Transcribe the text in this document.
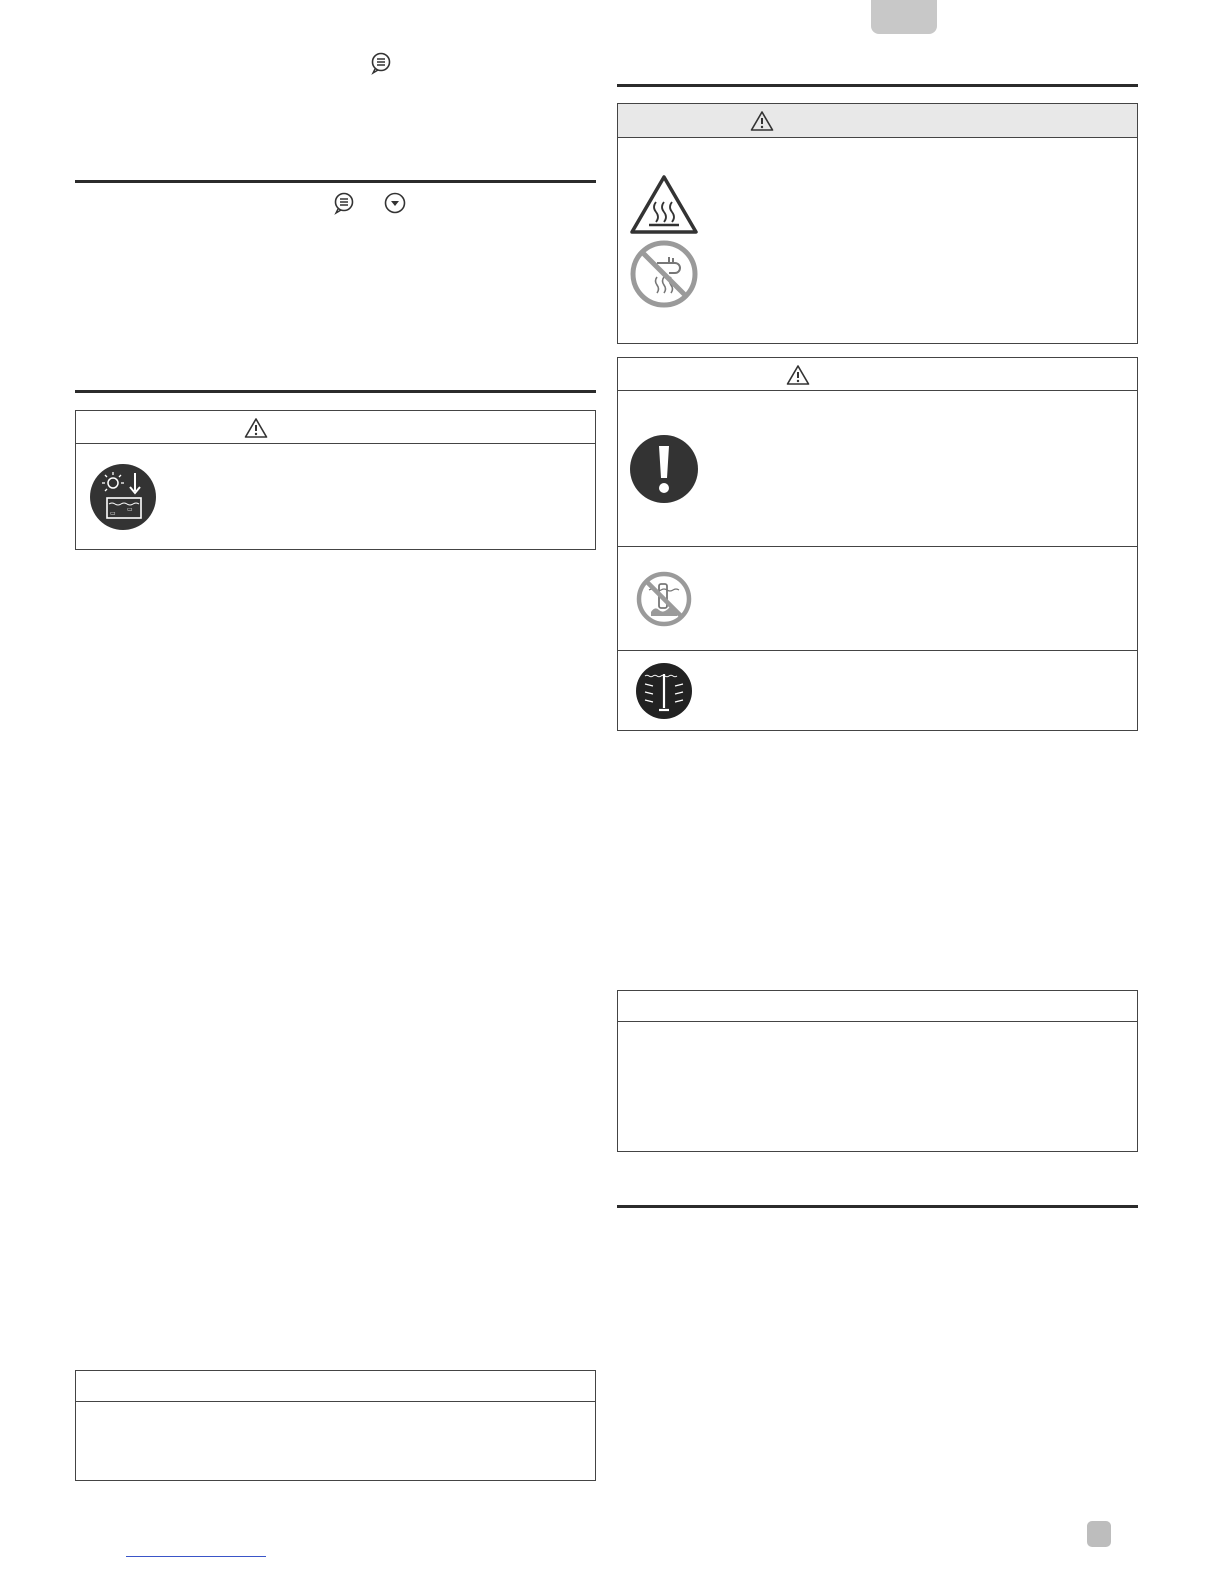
▭
▭
